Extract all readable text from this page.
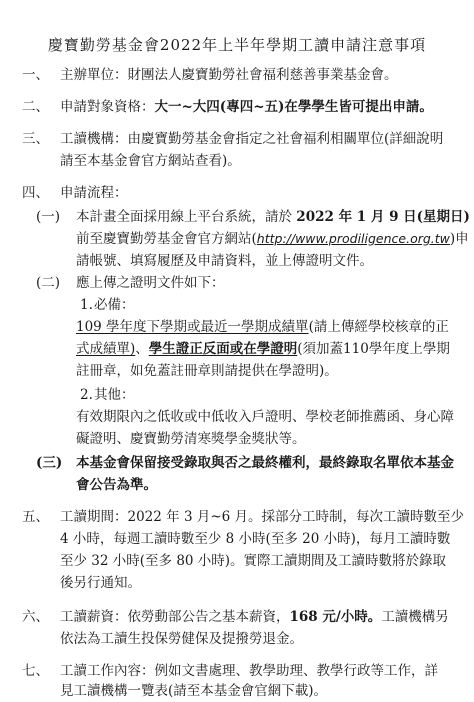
慶寶勤勞基金會2022年上半年學期工讀申請注意事項
一、 主辦單位：財團法人慶寶勤勞社會福利慈善事業基金會。
二、 申請對象資格：大一~大四(專四~五)在學學生皆可提出申請。
三、 工讀機構：由慶寶勤勞基金會指定之社會福利相關單位(詳細說明
請至本基金會官方網站查看)。
四、 申請流程：
(一) 本計畫全面採用線上平台系統，請於 2022 年 1 月 9 日(星期日)
前至慶寶勤勞基金會官方網站(http://www.prodiligence.org.tw)申
請帳號、填寫履歷及申請資料，並上傳證明文件。
(二) 應上傳之證明文件如下：
1. 必備：
109 學年度下學期或最近一學期成績單(請上傳經學校核章的正
式成績單)、學生證正反面或在學證明(須加蓋110學年度上學期
註冊章，如免蓋註冊章則請提供在學證明)。
2. 其他：
有效期限內之低收或中低收入戶證明、學校老師推薦函、身心障
礙證明、慶寶勤勞清寒獎學金獎狀等。
(三) 本基金會保留接受錄取與否之最終權利，最終錄取名單依本基金
會公告為準。
五、 工讀期間：2022 年 3 月~6 月。採部分工時制，每次工讀時數至少
4 小時，每週工讀時數至少 8 小時(至多 20 小時)，每月工讀時數
至少 32 小時(至多 80 小時)。實際工讀期間及工讀時數將於錄取
後另行通知。
六、 工讀薪資：依勞動部公告之基本薪資，168 元/小時。工讀機構另
依法為工讀生投保勞健保及提撥勞退金。
七、 工讀工作內容：例如文書處理、教學助理、教學行政等工作，詳
見工讀機構一覽表(請至本基金會官網下載)。
